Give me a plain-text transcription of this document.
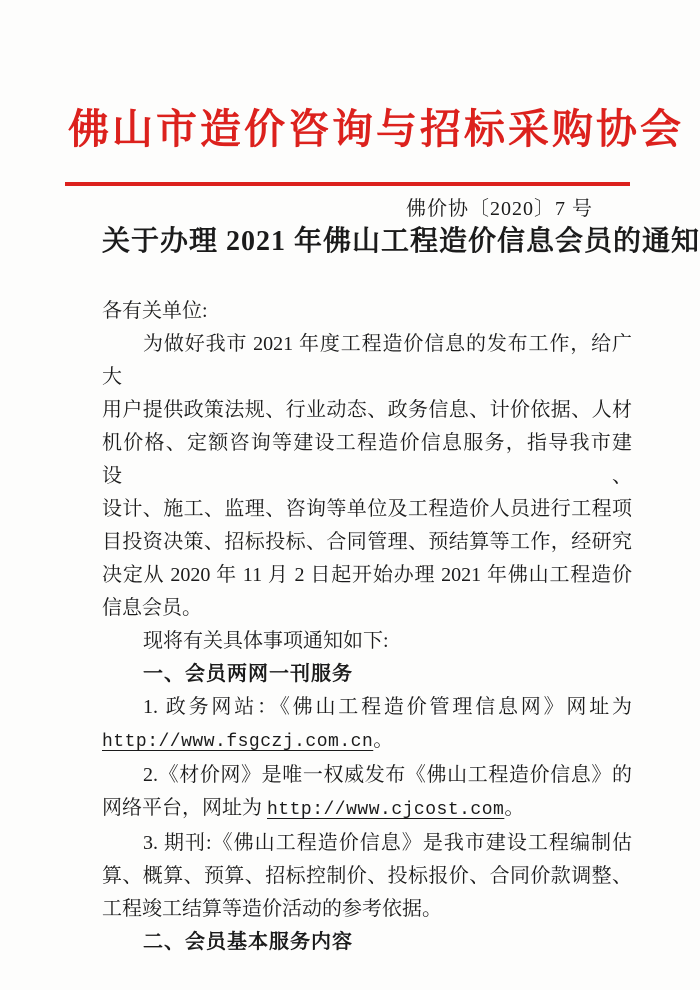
佛山市造价咨询与招标采购协会
佛价协〔2020〕7 号
关于办理 2021 年佛山工程造价信息会员的通知
各有关单位:
为做好我市 2021 年度工程造价信息的发布工作，给广大
用户提供政策法规、行业动态、政务信息、计价依据、人材
机价格、定额咨询等建设工程造价信息服务，指导我市建设、
设计、施工、监理、咨询等单位及工程造价人员进行工程项
目投资决策、招标投标、合同管理、预结算等工作，经研究
决定从 2020 年 11 月 2 日起开始办理 2021 年佛山工程造价
信息会员。
现将有关具体事项通知如下:
一、会员两网一刊服务
1. 政务网站：《佛山工程造价管理信息网》网址为
http://www.fsgczj.com.cn。
2.《材价网》是唯一权威发布《佛山工程造价信息》的
网络平台，网址为 http://www.cjcost.com。
3. 期刊:《佛山工程造价信息》是我市建设工程编制估
算、概算、预算、招标控制价、投标报价、合同价款调整、
工程竣工结算等造价活动的参考依据。
二、会员基本服务内容
